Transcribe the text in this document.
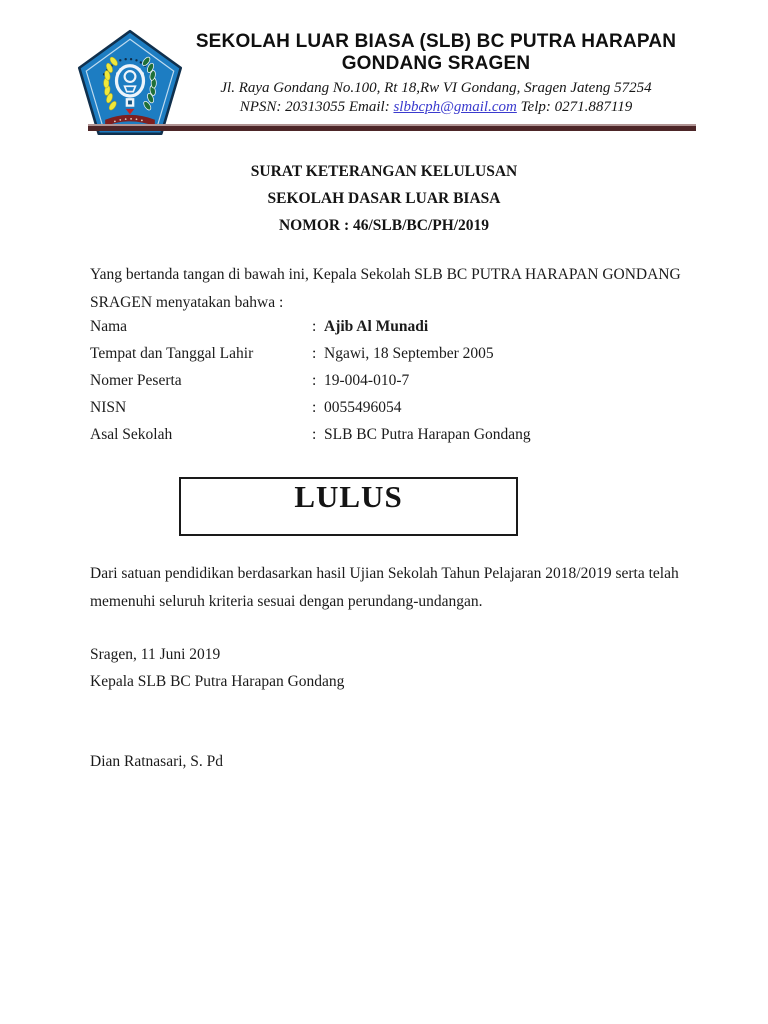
SEKOLAH LUAR BIASA (SLB) BC PUTRA HARAPAN
GONDANG SRAGEN
Jl. Raya Gondang No.100, Rt 18,Rw VI Gondang, Sragen Jateng 57254
NPSN: 20313055 Email: slbbcph@gmail.com Telp: 0271.887119
SURAT KETERANGAN KELULUSAN
SEKOLAH DASAR LUAR BIASA
NOMOR : 46/SLB/BC/PH/2019
Yang bertanda tangan di bawah ini, Kepala Sekolah SLB BC PUTRA HARAPAN GONDANG SRAGEN menyatakan bahwa :
Nama	: Ajib Al Munadi
Tempat dan Tanggal Lahir	: Ngawi, 18 September 2005
Nomer Peserta	: 19-004-010-7
NISN	: 0055496054
Asal Sekolah	: SLB BC Putra Harapan Gondang
LULUS
Dari satuan pendidikan berdasarkan hasil Ujian Sekolah Tahun Pelajaran 2018/2019 serta telah memenuhi seluruh kriteria sesuai dengan perundang-undangan.
Sragen, 11 Juni 2019
Kepala SLB BC Putra Harapan Gondang
Dian Ratnasari, S. Pd
